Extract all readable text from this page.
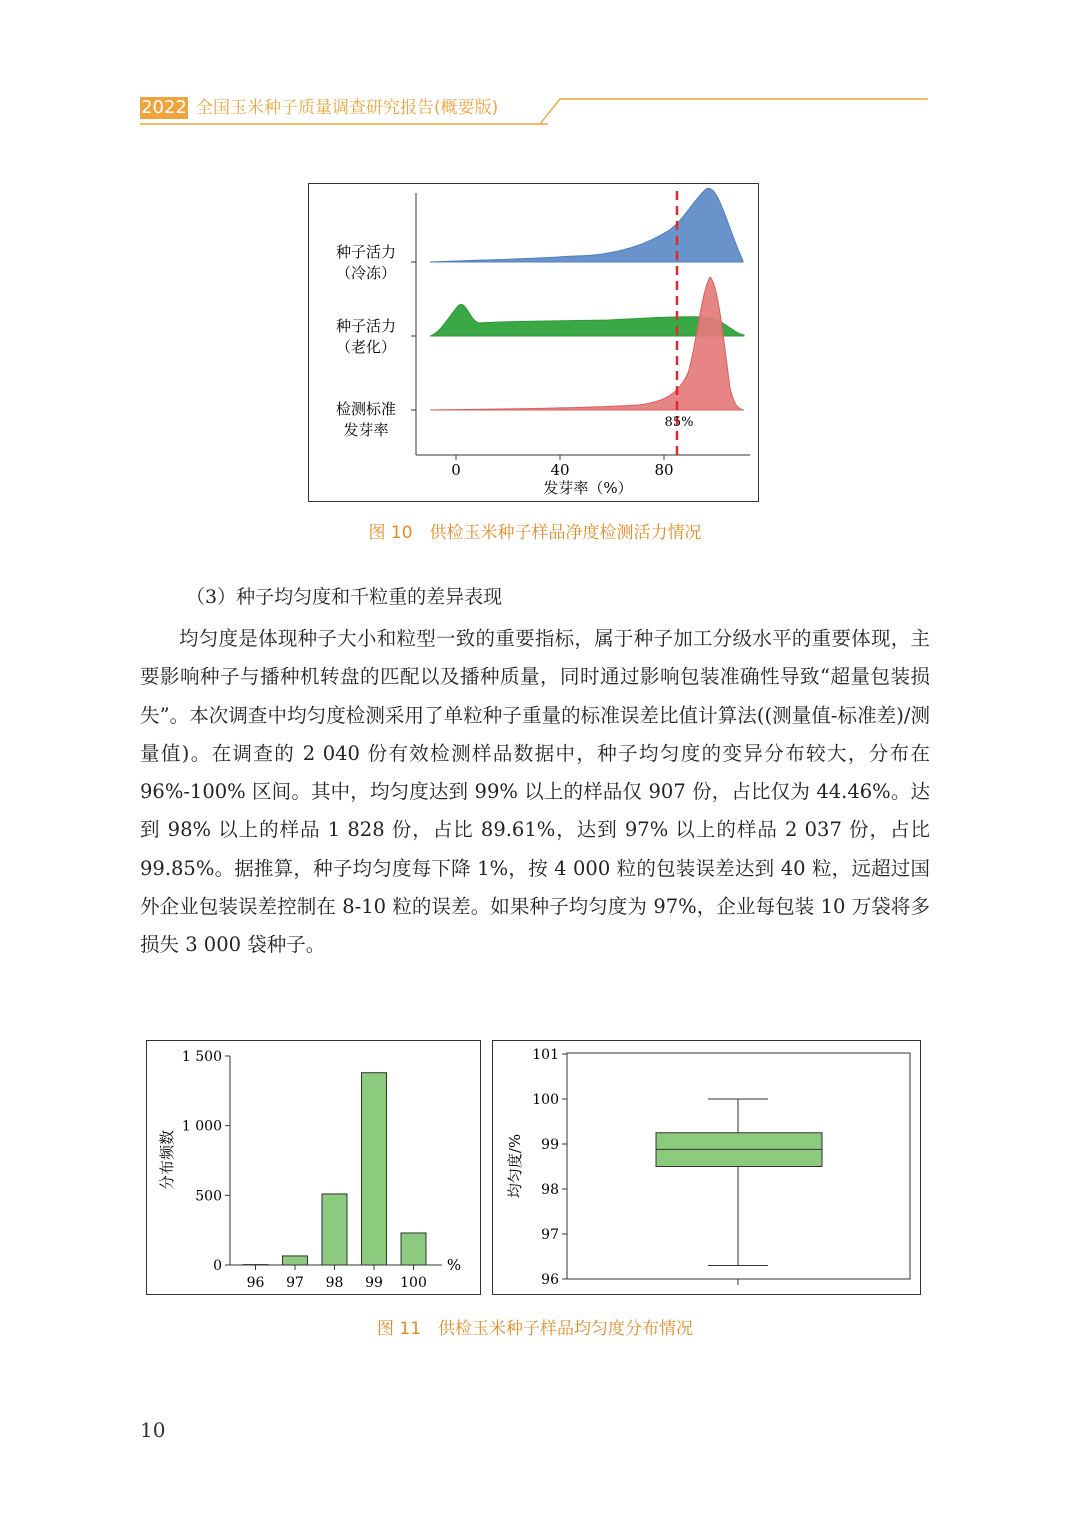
2022 全国玉米种子质量调查研究报告(概要版)
0	40	80
发芽率（%）
种子活力
（冷冻）
种子活力
（老化）
检测标准
发芽率	85%
图 10　供检玉米种子样品净度检测活力情况
（3）种子均匀度和千粒重的差异表现

均匀度是体现种子大小和粒型一致的重要指标，属于种子加工分级水平的重要体现，主要影响种子与播种机转盘的匹配以及播种质量，同时通过影响包装准确性导致“超量包装损失”。本次调查中均匀度检测采用了单粒种子重量的标准误差比值计算法((测量值-标准差)/测量值)。在调查的 2 040 份有效检测样品数据中，种子均匀度的变异分布较大，分布在 96%-100% 区间。其中，均匀度达到 99% 以上的样品仅 907 份，占比仅为 44.46%。达到 98% 以上的样品 1 828 份，占比 89.61%，达到 97% 以上的样品 2 037 份，占比 99.85%。据推算，种子均匀度每下降 1%，按 4 000 粒的包装误差达到 40 粒，远超过国外企业包装误差控制在 8-10 粒的误差。如果种子均匀度为 97%，企业每包装 10 万袋将多损失 3 000 袋种子。

分布频数
%
0
500
1 000
1 500
96 97 98 99 100
均匀度/%
96
97
98
99
100
101
图 11　供检玉米种子样品均匀度分布情况
10
